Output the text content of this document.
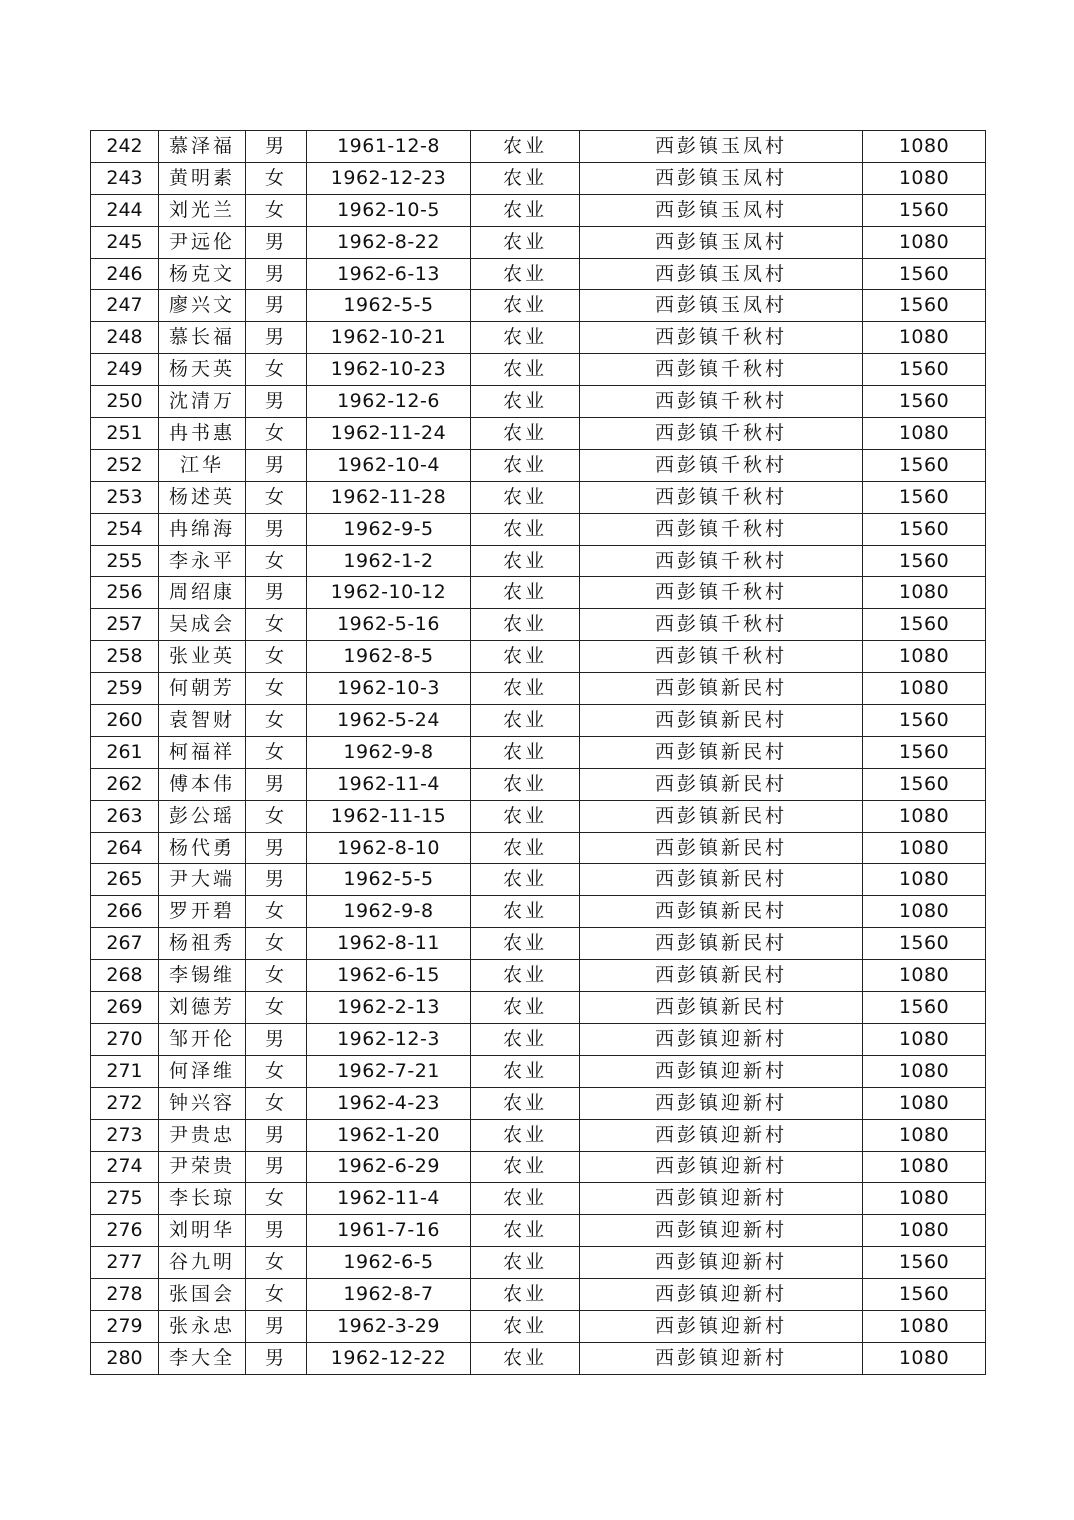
242	慕泽福	男	1961-12-8	农业	西彭镇玉凤村	1080
243	黄明素	女	1962-12-23	农业	西彭镇玉凤村	1080
244	刘光兰	女	1962-10-5	农业	西彭镇玉凤村	1560
245	尹远伦	男	1962-8-22	农业	西彭镇玉凤村	1080
246	杨克文	男	1962-6-13	农业	西彭镇玉凤村	1560
247	廖兴文	男	1962-5-5	农业	西彭镇玉凤村	1560
248	慕长福	男	1962-10-21	农业	西彭镇千秋村	1080
249	杨天英	女	1962-10-23	农业	西彭镇千秋村	1560
250	沈清万	男	1962-12-6	农业	西彭镇千秋村	1560
251	冉书惠	女	1962-11-24	农业	西彭镇千秋村	1080
252	江华	男	1962-10-4	农业	西彭镇千秋村	1560
253	杨述英	女	1962-11-28	农业	西彭镇千秋村	1560
254	冉绵海	男	1962-9-5	农业	西彭镇千秋村	1560
255	李永平	女	1962-1-2	农业	西彭镇千秋村	1560
256	周绍康	男	1962-10-12	农业	西彭镇千秋村	1080
257	吴成会	女	1962-5-16	农业	西彭镇千秋村	1560
258	张业英	女	1962-8-5	农业	西彭镇千秋村	1080
259	何朝芳	女	1962-10-3	农业	西彭镇新民村	1080
260	袁智财	女	1962-5-24	农业	西彭镇新民村	1560
261	柯福祥	女	1962-9-8	农业	西彭镇新民村	1560
262	傅本伟	男	1962-11-4	农业	西彭镇新民村	1560
263	彭公瑶	女	1962-11-15	农业	西彭镇新民村	1080
264	杨代勇	男	1962-8-10	农业	西彭镇新民村	1080
265	尹大端	男	1962-5-5	农业	西彭镇新民村	1080
266	罗开碧	女	1962-9-8	农业	西彭镇新民村	1080
267	杨祖秀	女	1962-8-11	农业	西彭镇新民村	1560
268	李锡维	女	1962-6-15	农业	西彭镇新民村	1080
269	刘德芳	女	1962-2-13	农业	西彭镇新民村	1560
270	邹开伦	男	1962-12-3	农业	西彭镇迎新村	1080
271	何泽维	女	1962-7-21	农业	西彭镇迎新村	1080
272	钟兴容	女	1962-4-23	农业	西彭镇迎新村	1080
273	尹贵忠	男	1962-1-20	农业	西彭镇迎新村	1080
274	尹荣贵	男	1962-6-29	农业	西彭镇迎新村	1080
275	李长琼	女	1962-11-4	农业	西彭镇迎新村	1080
276	刘明华	男	1961-7-16	农业	西彭镇迎新村	1080
277	谷九明	女	1962-6-5	农业	西彭镇迎新村	1560
278	张国会	女	1962-8-7	农业	西彭镇迎新村	1560
279	张永忠	男	1962-3-29	农业	西彭镇迎新村	1080
280	李大全	男	1962-12-22	农业	西彭镇迎新村	1080
